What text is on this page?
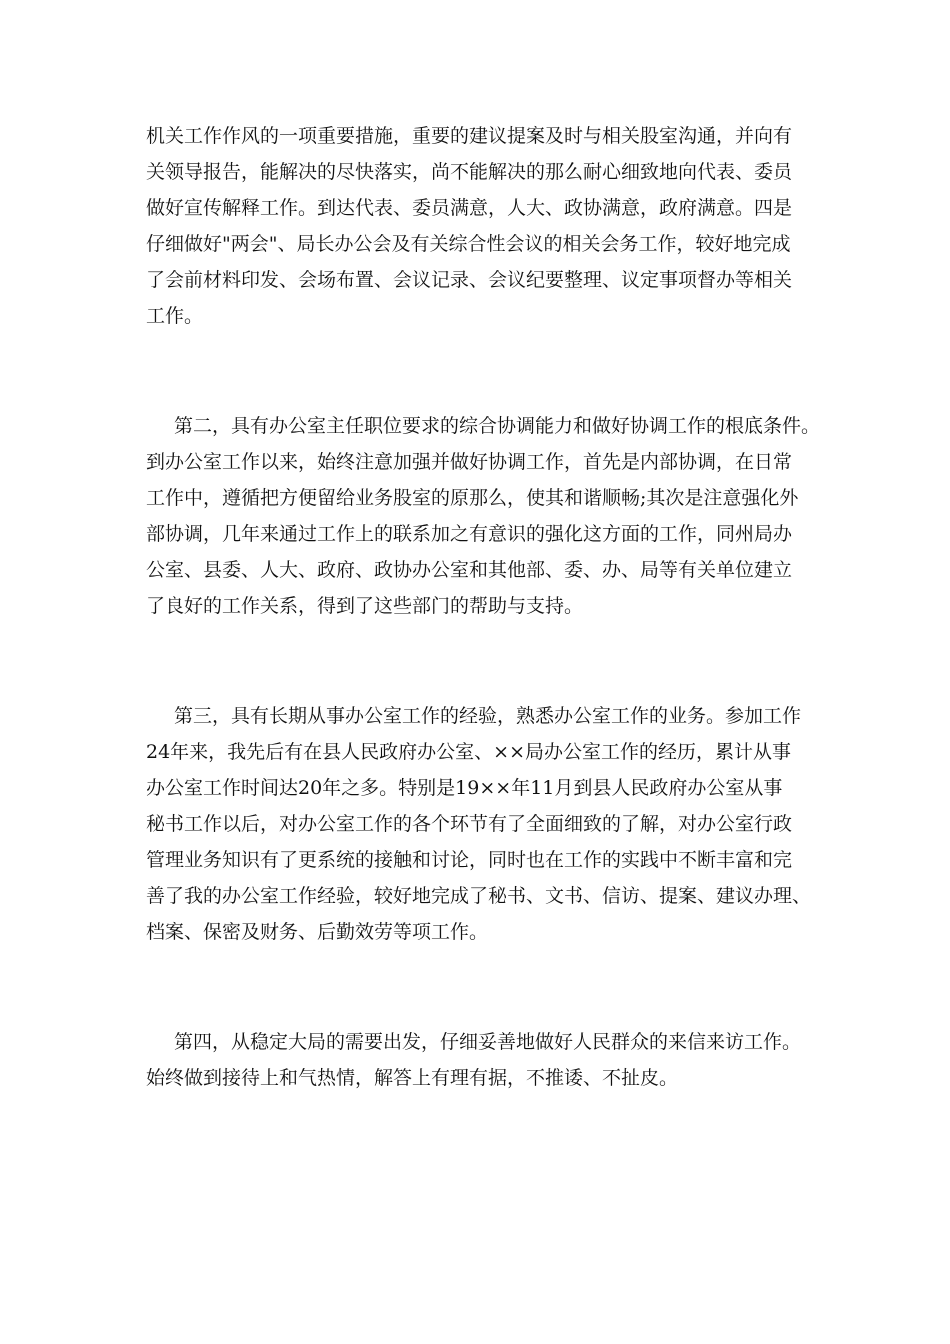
机关工作作风的一项重要措施，重要的建议提案及时与相关股室沟通，并向有
关领导报告，能解决的尽快落实，尚不能解决的那么耐心细致地向代表、委员
做好宣传解释工作。到达代表、委员满意，人大、政协满意，政府满意。四是
仔细做好"两会"、局长办公会及有关综合性会议的相关会务工作，较好地完成
了会前材料印发、会场布置、会议记录、会议纪要整理、议定事项督办等相关
工作。
第二，具有办公室主任职位要求的综合协调能力和做好协调工作的根底条件。
到办公室工作以来，始终注意加强并做好协调工作，首先是内部协调，在日常
工作中，遵循把方便留给业务股室的原那么，使其和谐顺畅;其次是注意强化外
部协调，几年来通过工作上的联系加之有意识的强化这方面的工作，同州局办
公室、县委、人大、政府、政协办公室和其他部、委、办、局等有关单位建立
了良好的工作关系，得到了这些部门的帮助与支持。
第三，具有长期从事办公室工作的经验，熟悉办公室工作的业务。参加工作
24年来，我先后有在县人民政府办公室、××局办公室工作的经历，累计从事
办公室工作时间达20年之多。特别是19××年11月到县人民政府办公室从事
秘书工作以后，对办公室工作的各个环节有了全面细致的了解，对办公室行政
管理业务知识有了更系统的接触和讨论，同时也在工作的实践中不断丰富和完
善了我的办公室工作经验，较好地完成了秘书、文书、信访、提案、建议办理、
档案、保密及财务、后勤效劳等项工作。
第四，从稳定大局的需要出发，仔细妥善地做好人民群众的来信来访工作。
始终做到接待上和气热情，解答上有理有据，不推诿、不扯皮。
